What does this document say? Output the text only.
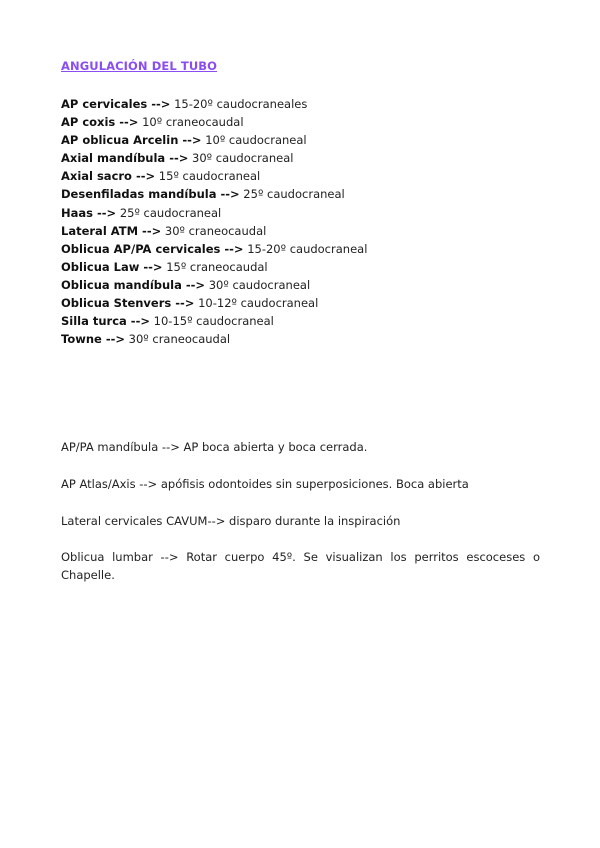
ANGULACIÓN DEL TUBO
AP cervicales --> 15-20º caudocraneales
AP coxis --> 10º craneocaudal
AP oblicua Arcelin --> 10º caudocraneal
Axial mandíbula --> 30º caudocraneal
Axial sacro --> 15º caudocraneal
Desenfiladas mandíbula --> 25º caudocraneal
Haas --> 25º caudocraneal
Lateral ATM --> 30º craneocaudal
Oblicua AP/PA cervicales --> 15-20º caudocraneal
Oblicua Law --> 15º craneocaudal
Oblicua mandíbula --> 30º caudocraneal
Oblicua Stenvers --> 10-12º caudocraneal
Silla turca --> 10-15º caudocraneal
Towne --> 30º craneocaudal

AP/PA mandíbula --> AP boca abierta y boca cerrada.

AP Atlas/Axis --> apófisis odontoides sin superposiciones. Boca abierta

Lateral cervicales CAVUM--> disparo durante la inspiración

Oblicua lumbar --> Rotar cuerpo 45º. Se visualizan los perritos escoceses o Chapelle.
